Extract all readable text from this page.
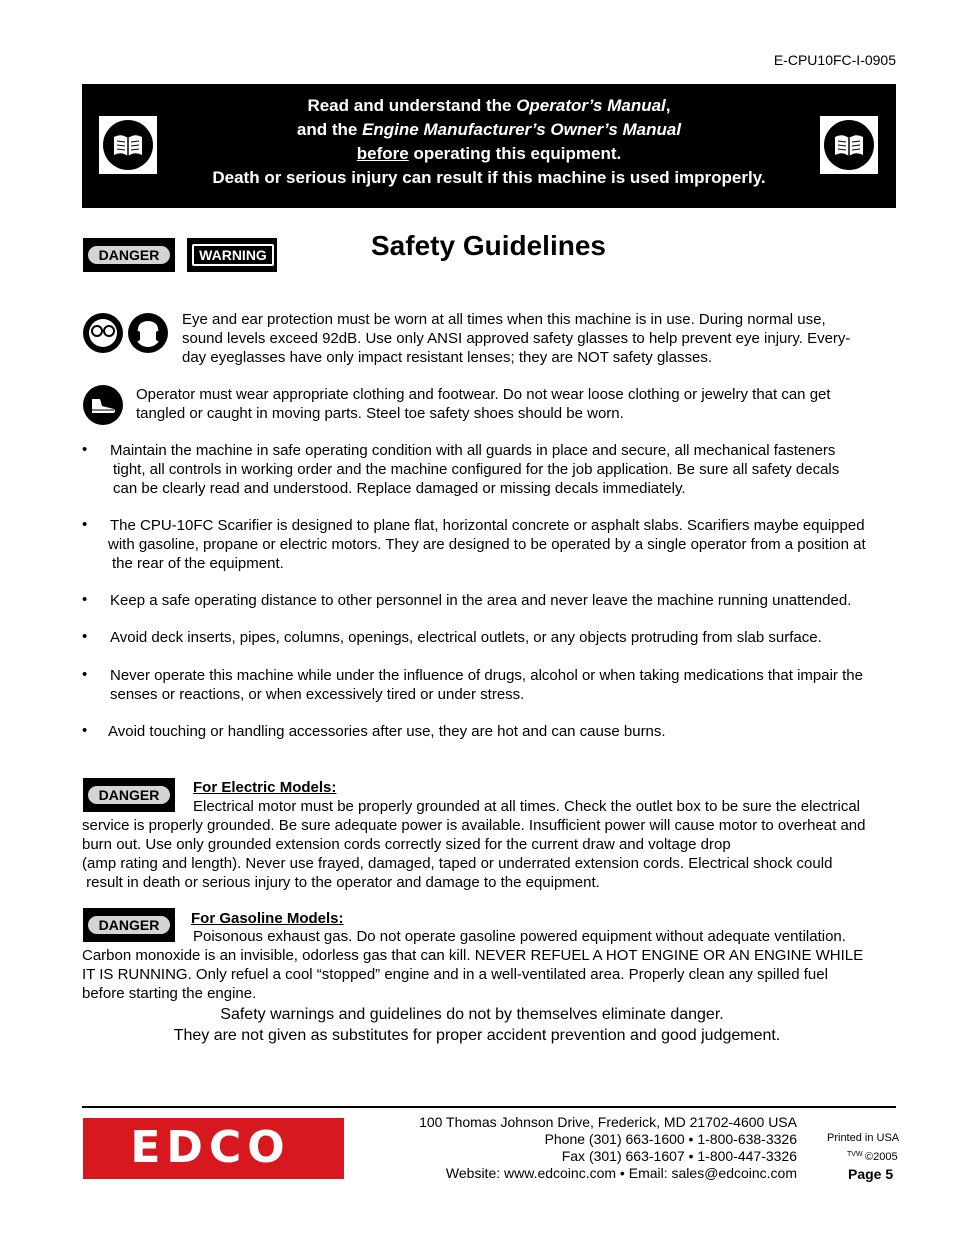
E-CPU10FC-I-0905
Read and understand the Operator’s Manual,
and the Engine Manufacturer’s Owner’s Manual
before operating this equipment.
Death or serious injury can result if this machine is used improperly.
DANGER	WARNING	Safety Guidelines
Eye and ear protection must be worn at all times when this machine is in use. During normal use,
sound levels exceed 92dB. Use only ANSI approved safety glasses to help prevent eye injury. Every-
day eyeglasses have only impact resistant lenses; they are NOT safety glasses.
Operator must wear appropriate clothing and footwear. Do not wear loose clothing or jewelry that can get
tangled or caught in moving parts. Steel toe safety shoes should be worn.
• Maintain the machine in safe operating condition with all guards in place and secure, all mechanical fasteners
tight, all controls in working order and the machine configured for the job application. Be sure all safety decals
can be clearly read and understood. Replace damaged or missing decals immediately.
• The CPU-10FC Scarifier is designed to plane flat, horizontal concrete or asphalt slabs. Scarifiers maybe equipped
with gasoline, propane or electric motors. They are designed to be operated by a single operator from a position at
the rear of the equipment.
• Keep a safe operating distance to other personnel in the area and never leave the machine running unattended.
• Avoid deck inserts, pipes, columns, openings, electrical outlets, or any objects protruding from slab surface.
• Never operate this machine while under the influence of drugs, alcohol or when taking medications that impair the
senses or reactions, or when excessively tired or under stress.
• Avoid touching or handling accessories after use, they are hot and can cause burns.
DANGER	For Electric Models:
Electrical motor must be properly grounded at all times. Check the outlet box to be sure the electrical
service is properly grounded. Be sure adequate power is available. Insufficient power will cause motor to overheat and
burn out. Use only grounded extension cords correctly sized for the current draw and voltage drop
(amp rating and length). Never use frayed, damaged, taped or underrated extension cords. Electrical shock could
result in death or serious injury to the operator and damage to the equipment.
DANGER	For Gasoline Models:
Poisonous exhaust gas. Do not operate gasoline powered equipment without adequate ventilation.
Carbon monoxide is an invisible, odorless gas that can kill. NEVER REFUEL A HOT ENGINE OR AN ENGINE WHILE
IT IS RUNNING. Only refuel a cool “stopped” engine and in a well-ventilated area. Properly clean any spilled fuel
before starting the engine.
Safety warnings and guidelines do not by themselves eliminate danger.
They are not given as substitutes for proper accident prevention and good judgement.
EDCO	100 Thomas Johnson Drive, Frederick, MD 21702-4600 USA
Phone (301) 663-1600 • 1-800-638-3326
Fax (301) 663-1607 • 1-800-447-3326
Website: www.edcoinc.com • Email: sales@edcoinc.com
Printed in USA
TVW ©2005
Page 5
